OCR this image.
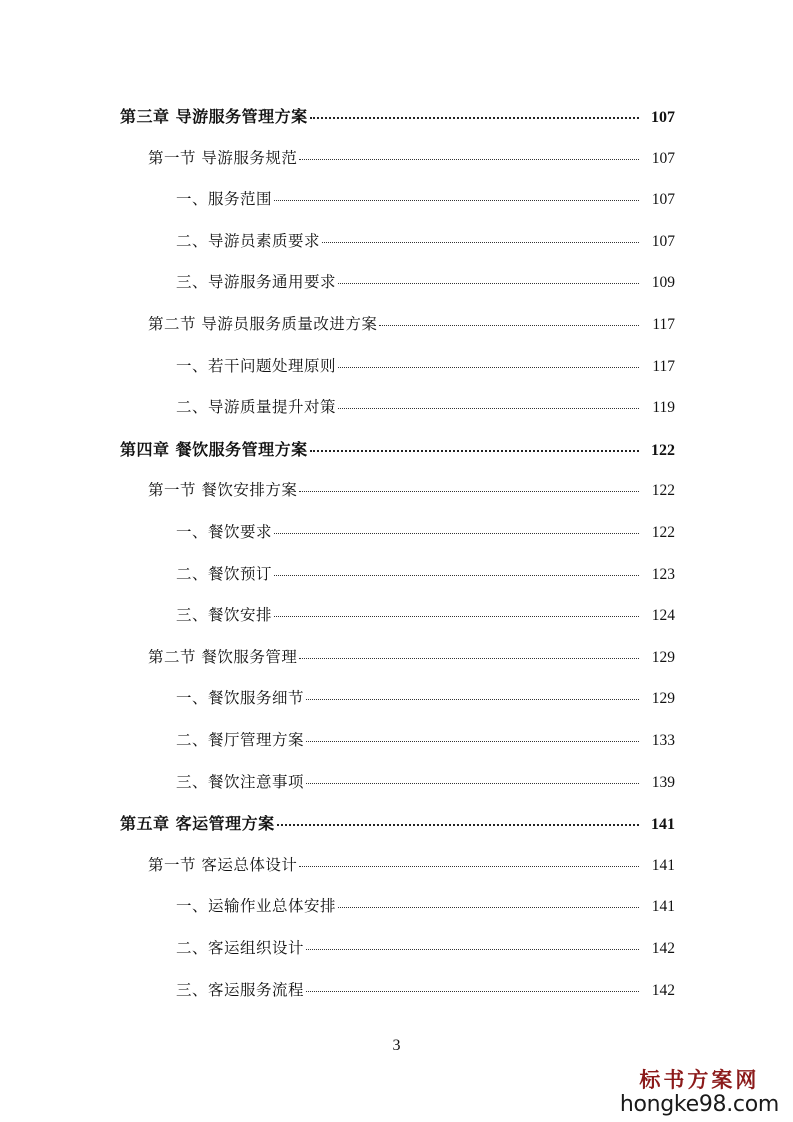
第三章 导游服务管理方案	107
第一节 导游服务规范	107
一、服务范围	107
二、导游员素质要求	107
三、导游服务通用要求	109
第二节 导游员服务质量改进方案	117
一、若干问题处理原则	117
二、导游质量提升对策	119
第四章 餐饮服务管理方案	122
第一节 餐饮安排方案	122
一、餐饮要求	122
二、餐饮预订	123
三、餐饮安排	124
第二节 餐饮服务管理	129
一、餐饮服务细节	129
二、餐厅管理方案	133
三、餐饮注意事项	139
第五章 客运管理方案	141
第一节 客运总体设计	141
一、运输作业总体安排	141
二、客运组织设计	142
三、客运服务流程	142
3
标书方案网
hongke98.com
